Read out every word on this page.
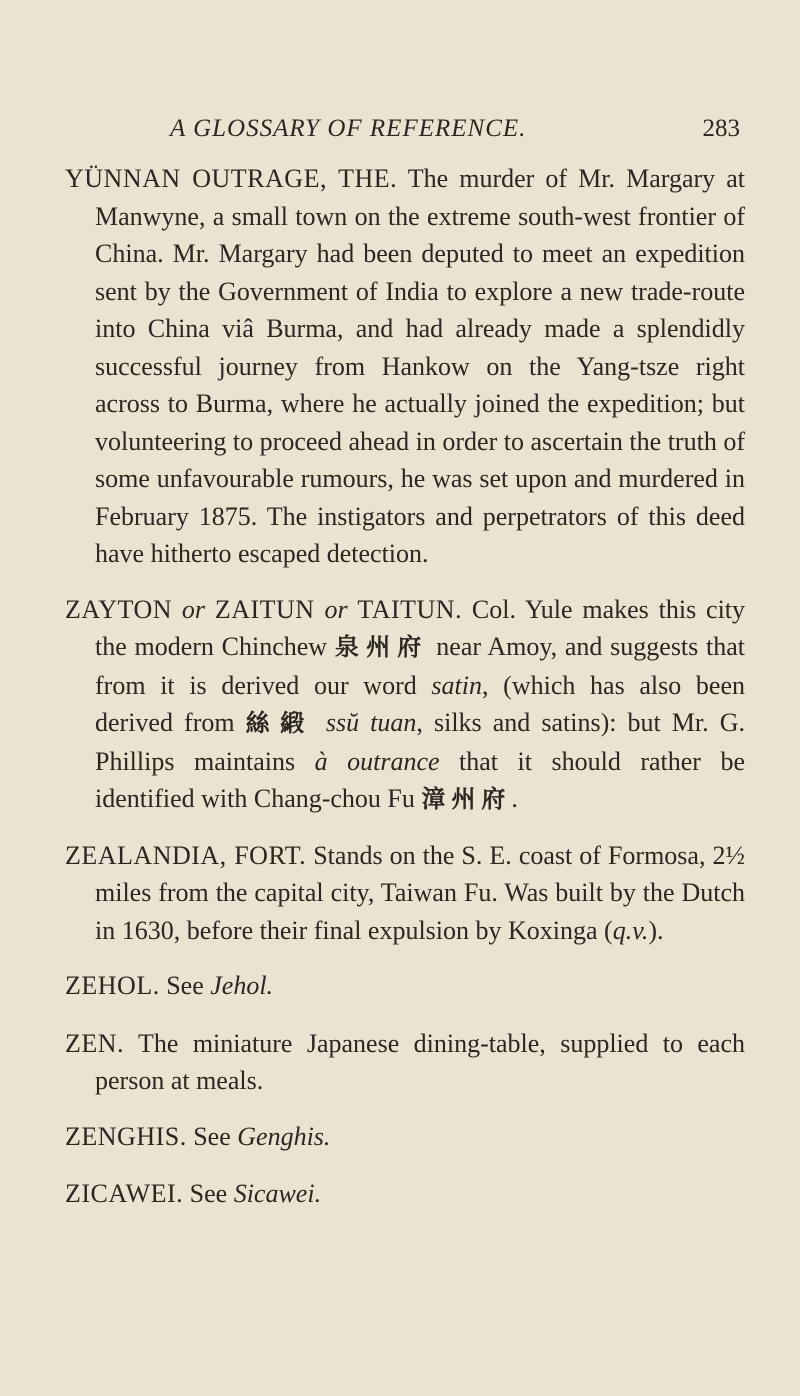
A GLOSSARY OF REFERENCE.	283

YÜNNAN OUTRAGE, THE. The murder of Mr. Margary at Manwyne, a small town on the extreme south-west frontier of China. Mr. Margary had been deputed to meet an expedition sent by the Government of India to explore a new trade-route into China viâ Burma, and had already made a splendidly successful journey from Hankow on the Yang-tsze right across to Burma, where he actually joined the expedition; but volunteering to proceed ahead in order to ascertain the truth of some unfavourable rumours, he was set upon and murdered in February 1875. The instigators and perpetrators of this deed have hitherto escaped detection.

ZAYTON or ZAITUN or TAITUN. Col. Yule makes this city the modern Chinchew 泉州府 near Amoy, and suggests that from it is derived our word satin, (which has also been derived from 絲緞 ssŭ tuan, silks and satins): but Mr. G. Phillips maintains à outrance that it should rather be identified with Chang-chou Fu 漳州府.

ZEALANDIA, FORT. Stands on the S. E. coast of Formosa, 2½ miles from the capital city, Taiwan Fu. Was built by the Dutch in 1630, before their final expulsion by Koxinga (q.v.).

ZEHOL. See Jehol.

ZEN. The miniature Japanese dining-table, supplied to each person at meals.

ZENGHIS. See Genghis.

ZICAWEI. See Sicawei.
